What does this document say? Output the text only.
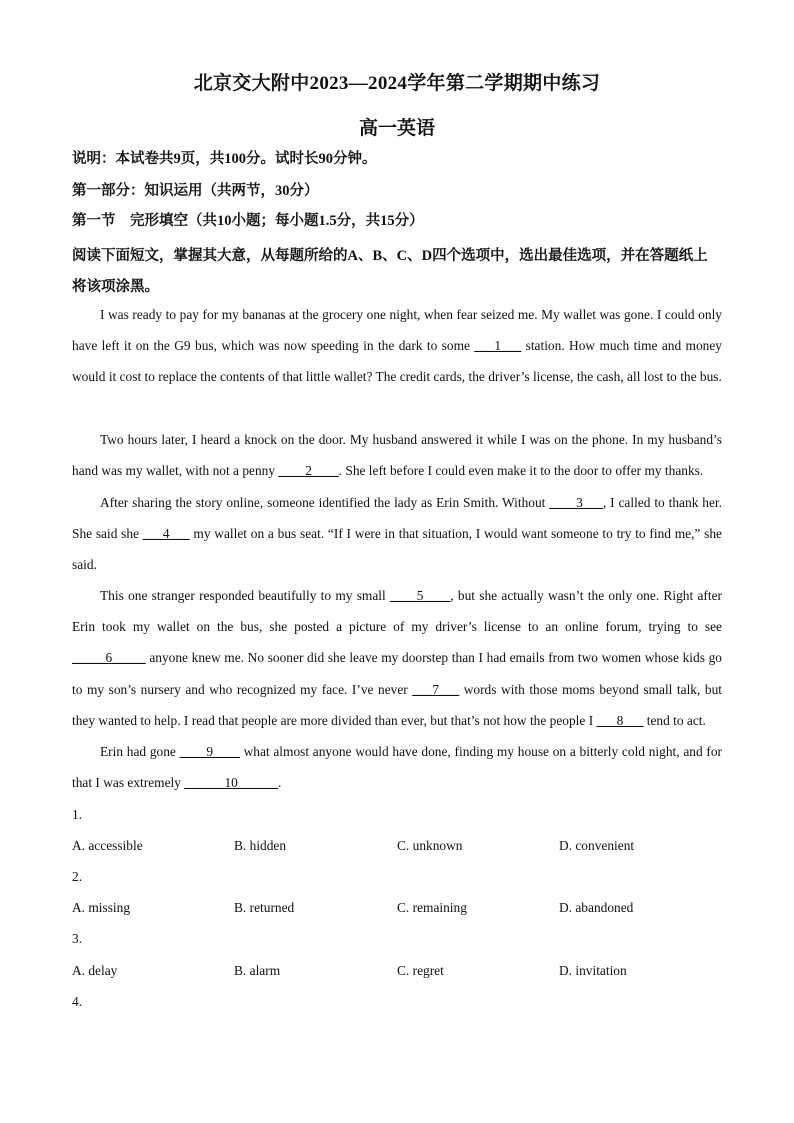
北京交大附中2023—2024学年第二学期期中练习
高一英语
说明：本试卷共9页，共100分。试时长90分钟。
第一部分：知识运用（共两节，30分）
第一节　完形填空（共10小题；每小题1.5分，共15分）
阅读下面短文，掌握其大意，从每题所给的A、B、C、D四个选项中，选出最佳选项，并在答题纸上将该项涂黑。
I was ready to pay for my bananas at the grocery one night, when fear seized me. My wallet was gone. I could only have left it on the G9 bus, which was now speeding in the dark to some ___1___ station. How much time and money would it cost to replace the contents of that little wallet? The credit cards, the driver’s license, the cash, all lost to the bus.
Two hours later, I heard a knock on the door. My husband answered it while I was on the phone. In my husband’s hand was my wallet, with not a penny ____2____. She left before I could even make it to the door to offer my thanks.
After sharing the story online, someone identified the lady as Erin Smith. Without ____3___, I called to thank her. She said she ___4___ my wallet on a bus seat. “If I were in that situation, I would want someone to try to find me,” she said.
This one stranger responded beautifully to my small ____5____, but she actually wasn’t the only one. Right after Erin took my wallet on the bus, she posted a picture of my driver’s license to an online forum, trying to see _____6_____ anyone knew me. No sooner did she leave my doorstep than I had emails from two women whose kids go to my son’s nursery and who recognized my face. I’ve never ___7___ words with those moms beyond small talk, but they wanted to help. I read that people are more divided than ever, but that’s not how the people I ___8___ tend to act.
Erin had gone ____9____ what almost anyone would have done, finding my house on a bitterly cold night, and for that I was extremely ______10______.
1.
A. accessible	B. hidden	C. unknown	D. convenient
2.
A. missing	B. returned	C. remaining	D. abandoned
3.
A. delay	B. alarm	C. regret	D. invitation
4.
